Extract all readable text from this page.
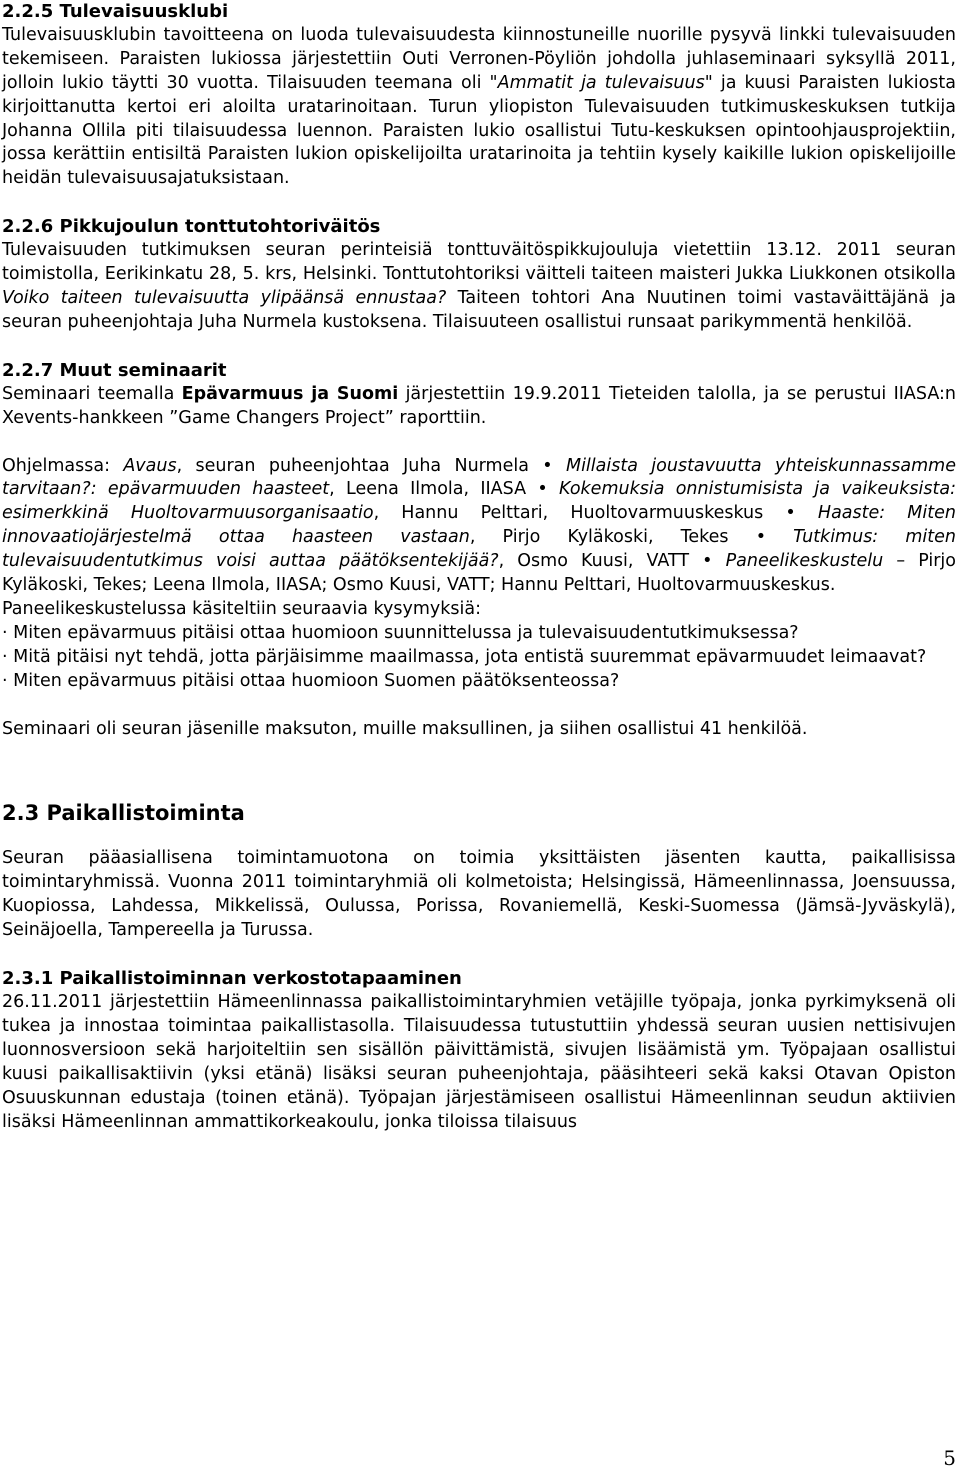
2.2.5 Tulevaisuusklubi

Tulevaisuusklubin tavoitteena on luoda tulevaisuudesta kiinnostuneille nuorille pysyvä linkki tulevaisuuden tekemiseen. Paraisten lukiossa järjestettiin Outi Verronen-Pöyliön johdolla juhlaseminaari syksyllä 2011, jolloin lukio täytti 30 vuotta. Tilaisuuden teemana oli "Ammatit ja tulevaisuus" ja kuusi Paraisten lukiosta kirjoittanutta kertoi eri aloilta uratarinoitaan. Turun yliopiston Tulevaisuuden tutkimuskeskuksen tutkija Johanna Ollila piti tilaisuudessa luennon. Paraisten lukio osallistui Tutu-keskuksen opintoohjausprojektiin, jossa kerättiin entisiltä Paraisten lukion opiskelijoilta uratarinoita ja tehtiin kysely kaikille lukion opiskelijoille heidän tulevaisuusajatuksistaan.

2.2.6 Pikkujoulun tonttutohtoriväitös

Tulevaisuuden tutkimuksen seuran perinteisiä tonttuväitöspikkujouluja vietettiin 13.12. 2011 seuran toimistolla, Eerikinkatu 28, 5. krs, Helsinki. Tonttutohtoriksi väitteli taiteen maisteri Jukka Liukkonen otsikolla Voiko taiteen tulevaisuutta ylipäänsä ennustaa? Taiteen tohtori Ana Nuutinen toimi vastaväittäjänä ja seuran puheenjohtaja Juha Nurmela kustoksena. Tilaisuuteen osallistui runsaat parikymmentä henkilöä.

2.2.7 Muut seminaarit

Seminaari teemalla Epävarmuus ja Suomi järjestettiin 19.9.2011 Tieteiden talolla, ja se perustui IIASA:n Xevents-hankkeen ”Game Changers Project” raporttiin.

Ohjelmassa: Avaus, seuran puheenjohtaa Juha Nurmela • Millaista joustavuutta yhteiskunnassamme tarvitaan?: epävarmuuden haasteet, Leena Ilmola, IIASA • Kokemuksia onnistumisista ja vaikeuksista: esimerkkinä Huoltovarmuusorganisaatio, Hannu Pelttari, Huoltovarmuuskeskus • Haaste: Miten innovaatiojärjestelmä ottaa haasteen vastaan, Pirjo Kyläkoski, Tekes • Tutkimus: miten tulevaisuudentutkimus voisi auttaa päätöksentekijää?, Osmo Kuusi, VATT • Paneelikeskustelu – Pirjo Kyläkoski, Tekes; Leena Ilmola, IIASA; Osmo Kuusi, VATT; Hannu Pelttari, Huoltovarmuuskeskus.

Paneelikeskustelussa käsiteltiin seuraavia kysymyksiä:

· Miten epävarmuus pitäisi ottaa huomioon suunnittelussa ja tulevaisuudentutkimuksessa?

· Mitä pitäisi nyt tehdä, jotta pärjäisimme maailmassa, jota entistä suuremmat epävarmuudet leimaavat?

· Miten epävarmuus pitäisi ottaa huomioon Suomen päätöksenteossa?

Seminaari oli seuran jäsenille maksuton, muille maksullinen, ja siihen osallistui 41 henkilöä.

2.3 Paikallistoiminta

Seuran pääasiallisena toimintamuotona on toimia yksittäisten jäsenten kautta, paikallisissa toimintaryhmissä. Vuonna 2011 toimintaryhmiä oli kolmetoista; Helsingissä, Hämeenlinnassa, Joensuussa, Kuopiossa, Lahdessa, Mikkelissä, Oulussa, Porissa, Rovaniemellä, Keski-Suomessa (Jämsä-Jyväskylä), Seinäjoella, Tampereella ja Turussa.

2.3.1 Paikallistoiminnan verkostotapaaminen

26.11.2011 järjestettiin Hämeenlinnassa paikallistoimintaryhmien vetäjille työpaja, jonka pyrkimyksenä oli tukea ja innostaa toimintaa paikallistasolla. Tilaisuudessa tutustuttiin yhdessä seuran uusien nettisivujen luonnosversioon sekä harjoiteltiin sen sisällön päivittämistä, sivujen lisäämistä ym. Työpajaan osallistui kuusi paikallisaktiivin (yksi etänä) lisäksi seuran puheenjohtaja, pääsihteeri sekä kaksi Otavan Opiston Osuuskunnan edustaja (toinen etänä). Työpajan järjestämiseen osallistui Hämeenlinnan seudun aktiivien lisäksi Hämeenlinnan ammattikorkeakoulu, jonka tiloissa tilaisuus

5
